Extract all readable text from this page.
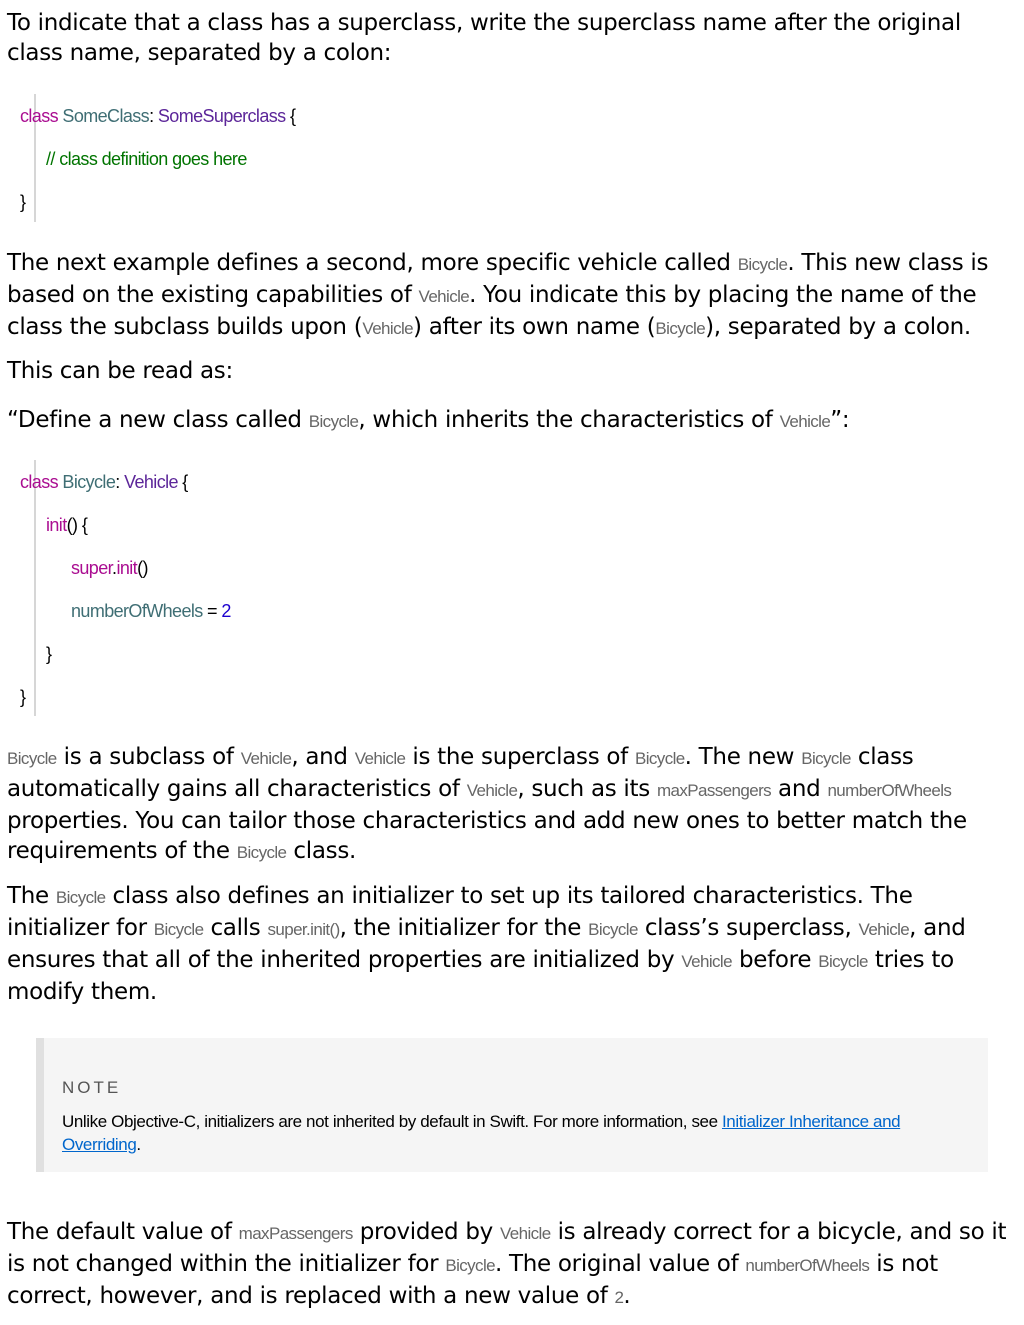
To indicate that a class has a superclass, write the superclass name after the original class name, separated by a colon:

class SomeClass: SomeSuperclass {
// class definition goes here
}

The next example defines a second, more specific vehicle called Bicycle. This new class is based on the existing capabilities of Vehicle. You indicate this by placing the name of the class the subclass builds upon (Vehicle) after its own name (Bicycle), separated by a colon.

This can be read as:

“Define a new class called Bicycle, which inherits the characteristics of Vehicle”:

class Bicycle: Vehicle {
init() {
super.init()
numberOfWheels = 2
}
}

Bicycle is a subclass of Vehicle, and Vehicle is the superclass of Bicycle. The new Bicycle class automatically gains all characteristics of Vehicle, such as its maxPassengers and numberOfWheels properties. You can tailor those characteristics and add new ones to better match the requirements of the Bicycle class.

The Bicycle class also defines an initializer to set up its tailored characteristics. The initializer for Bicycle calls super.init(), the initializer for the Bicycle class’s superclass, Vehicle, and ensures that all of the inherited properties are initialized by Vehicle before Bicycle tries to modify them.

NOTE
Unlike Objective-C, initializers are not inherited by default in Swift. For more information, see Initializer Inheritance and Overriding.

The default value of maxPassengers provided by Vehicle is already correct for a bicycle, and so it is not changed within the initializer for Bicycle. The original value of numberOfWheels is not correct, however, and is replaced with a new value of 2.
